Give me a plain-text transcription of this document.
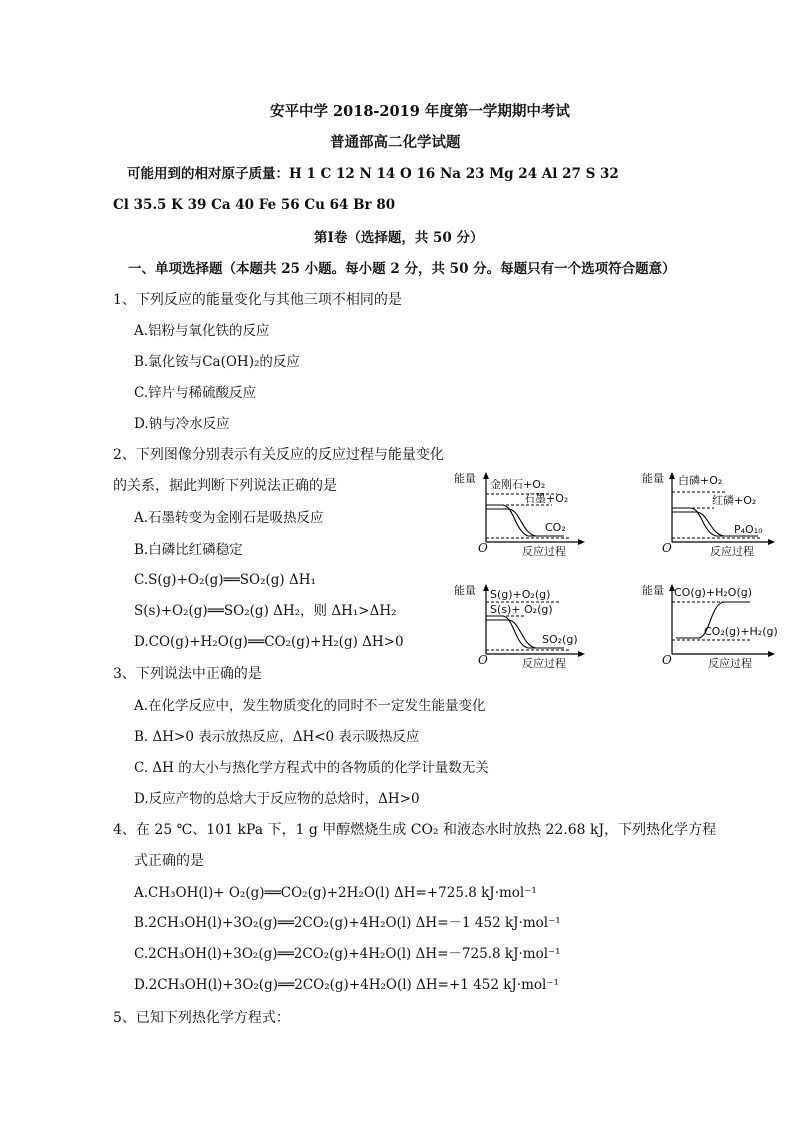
安平中学 2018-2019 年度第一学期期中考试
普通部高二化学试题
可能用到的相对原子质量：H 1 C 12 N 14 O 16 Na 23 Mg 24 Al 27 S 32
Cl 35.5 K 39 Ca 40 Fe 56 Cu 64 Br 80
第Ⅰ卷（选择题，共 50 分）
一、单项选择题（本题共 25 小题。每小题 2 分，共 50 分。每题只有一个选项符合题意）
1、下列反应的能量变化与其他三项不相同的是
A.铝粉与氧化铁的反应
B.氯化铵与Ca(OH)₂的反应
C.锌片与稀硫酸反应
D.钠与冷水反应
2、下列图像分别表示有关反应的反应过程与能量变化
的关系，据此判断下列说法正确的是
A.石墨转变为金刚石是吸热反应
B.白磷比红磷稳定
C.S(g)+O₂(g)══SO₂(g) ΔH₁
S(s)+O₂(g)══SO₂(g) ΔH₂，则 ΔH₁>ΔH₂
D.CO(g)+H₂O(g)══CO₂(g)+H₂(g) ΔH>0
能量
O	反应过程
金刚石+O₂
石墨+O₂
CO₂
能量
O	反应过程
白磷+O₂
红磷+O₂
P₄O₁₀
能量
O	反应过程
S(g)+O₂(g)
S(s)+ O₂(g)
SO₂(g)
能量
O	反应过程
CO(g)+H₂O(g)
CO₂(g)+H₂(g)
3、下列说法中正确的是
A.在化学反应中，发生物质变化的同时不一定发生能量变化
B. ΔH>0 表示放热反应，ΔH<0 表示吸热反应
C. ΔH 的大小与热化学方程式中的各物质的化学计量数无关
D.反应产物的总焓大于反应物的总焓时，ΔH>0
4、在 25 ℃、101 kPa 下，1 g 甲醇燃烧生成 CO₂ 和液态水时放热 22.68 kJ，下列热化学方程
式正确的是
A.CH₃OH(l)+ O₂(g)══CO₂(g)+2H₂O(l) ΔH=+725.8 kJ·mol⁻¹
B.2CH₃OH(l)+3O₂(g)══2CO₂(g)+4H₂O(l) ΔH=－1 452 kJ·mol⁻¹
C.2CH₃OH(l)+3O₂(g)══2CO₂(g)+4H₂O(l) ΔH=－725.8 kJ·mol⁻¹
D.2CH₃OH(l)+3O₂(g)══2CO₂(g)+4H₂O(l) ΔH=+1 452 kJ·mol⁻¹
5、已知下列热化学方程式：
